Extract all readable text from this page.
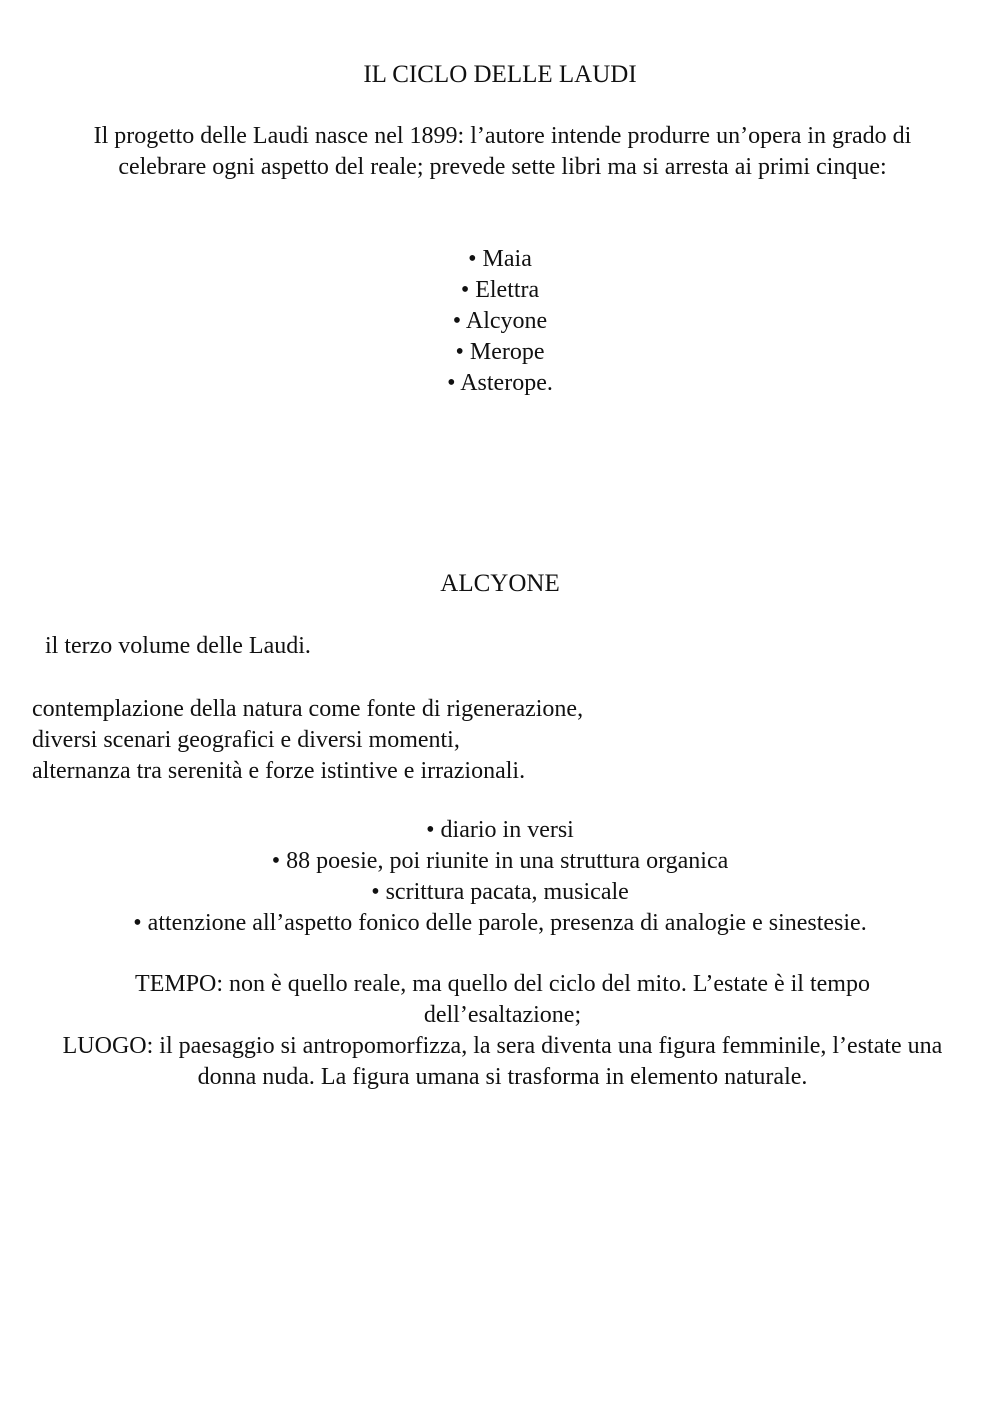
IL CICLO DELLE LAUDI

Il progetto delle Laudi nasce nel 1899: l’autore intende produrre un’opera in grado di celebrare ogni aspetto del reale; prevede sette libri ma si arresta ai primi cinque:

• Maia
• Elettra
• Alcyone
• Merope
• Asterope.
ALCYONE

il terzo volume delle Laudi.

contemplazione della natura come fonte di rigenerazione,
diversi scenari geografici e diversi momenti,
alternanza tra serenità e forze istintive e irrazionali.

• diario in versi
• 88 poesie, poi riunite in una struttura organica
• scrittura pacata, musicale
• attenzione all’aspetto fonico delle parole, presenza di analogie e sinestesie.

TEMPO: non è quello reale, ma quello del ciclo del mito. L’estate è il tempo dell’esaltazione;

LUOGO: il paesaggio si antropomorfizza, la sera diventa una figura femminile, l’estate una donna nuda. La figura umana si trasforma in elemento naturale.
